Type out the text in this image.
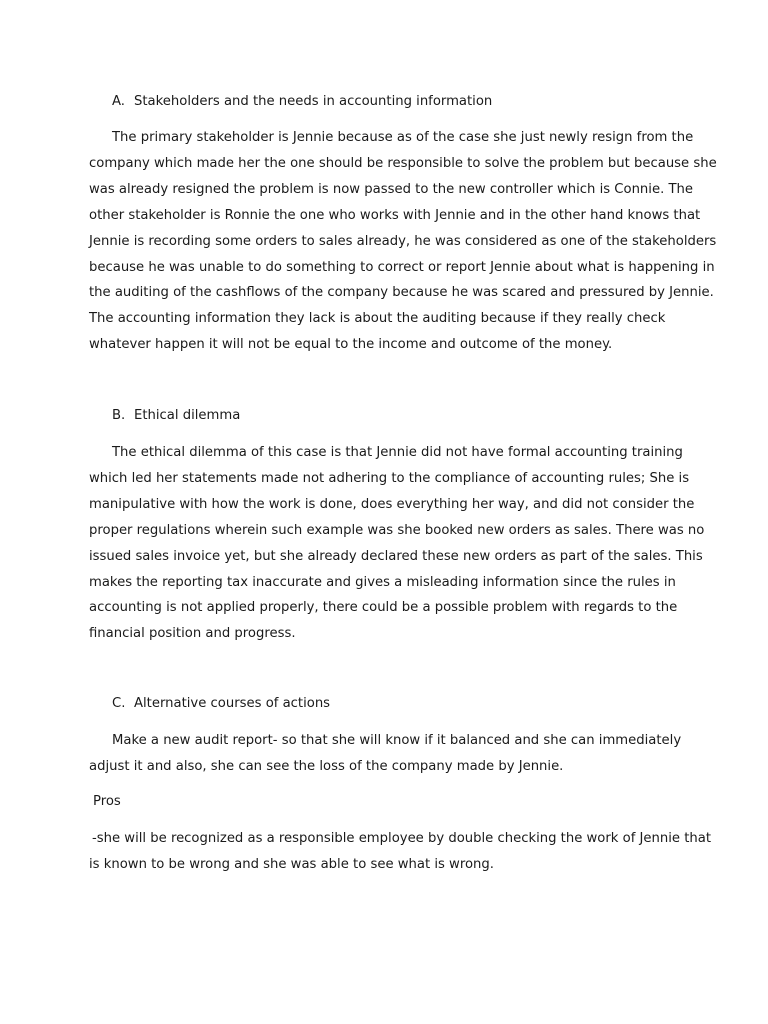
A. Stakeholders and the needs in accounting information

The primary stakeholder is Jennie because as of the case she just newly resign from the
company which made her the one should be responsible to solve the problem but because she
was already resigned the problem is now passed to the new controller which is Connie. The
other stakeholder is Ronnie the one who works with Jennie and in the other hand knows that
Jennie is recording some orders to sales already, he was considered as one of the stakeholders
because he was unable to do something to correct or report Jennie about what is happening in
the auditing of the cashflows of the company because he was scared and pressured by Jennie.
The accounting information they lack is about the auditing because if they really check
whatever happen it will not be equal to the income and outcome of the money.

B. Ethical dilemma

The ethical dilemma of this case is that Jennie did not have formal accounting training
which led her statements made not adhering to the compliance of accounting rules; She is
manipulative with how the work is done, does everything her way, and did not consider the
proper regulations wherein such example was she booked new orders as sales. There was no
issued sales invoice yet, but she already declared these new orders as part of the sales. This
makes the reporting tax inaccurate and gives a misleading information since the rules in
accounting is not applied properly, there could be a possible problem with regards to the
financial position and progress.

C. Alternative courses of actions

Make a new audit report- so that she will know if it balanced and she can immediately
adjust it and also, she can see the loss of the company made by Jennie.

Pros

-she will be recognized as a responsible employee by double checking the work of Jennie that
is known to be wrong and she was able to see what is wrong.
